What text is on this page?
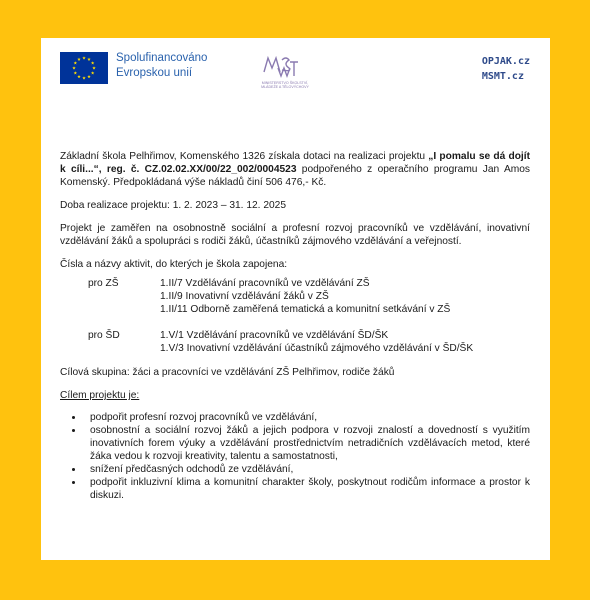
Spolufinancováno
Evropskou unií
MINISTERSTVO ŠKOLSTVÍ,
MLÁDEŽE A TĚLOVÝCHOVY
OPJAK.cz
MSMT.cz

Základní škola Pelhřimov, Komenského 1326 získala dotaci na realizaci projektu „I pomalu se dá dojít k cíli...“, reg. č. CZ.02.02.XX/00/22_002/0004523 podpořeného z operačního programu Jan Amos Komenský. Předpokládaná výše nákladů činí 506 476,- Kč.

Doba realizace projektu: 1. 2. 2023 – 31. 12. 2025

Projekt je zaměřen na osobnostně sociální a profesní rozvoj pracovníků ve vzdělávání, inovativní vzdělávání žáků a spolupráci s rodiči žáků, účastníků zájmového vzdělávání a veřejností.

Čísla a názvy aktivit, do kterých je škola zapojena:

pro ZŠ	1.II/7 Vzdělávání pracovníků ve vzdělávání ZŠ
1.II/9 Inovativní vzdělávání žáků v ZŠ
1.II/11 Odborně zaměřená tematická a komunitní setkávání v ZŠ
pro ŠD	1.V/1 Vzdělávání pracovníků ve vzdělávání ŠD/ŠK
1.V/3 Inovativní vzdělávání účastníků zájmového vzdělávání v ŠD/ŠK

Cílová skupina: žáci a pracovníci ve vzdělávání ZŠ Pelhřimov, rodiče žáků

Cílem projektu je:

• podpořit profesní rozvoj pracovníků ve vzdělávání,
• osobnostní a sociální rozvoj žáků a jejich podpora v rozvoji znalostí a dovedností s využitím inovativních forem výuky a vzdělávání prostřednictvím netradičních vzdělávacích metod, které žáka vedou k rozvoji kreativity, talentu a samostatnosti,
• snížení předčasných odchodů ze vzdělávání,
• podpořit inkluzivní klima a komunitní charakter školy, poskytnout rodičům informace a prostor k diskuzi.
